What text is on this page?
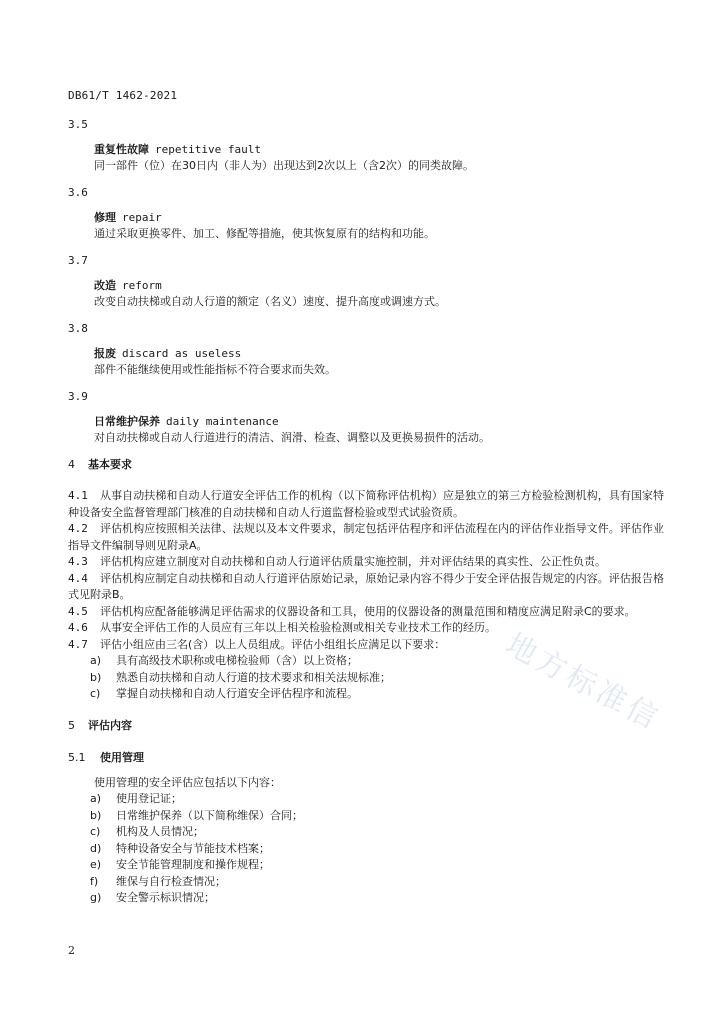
DB61/T 1462-2021
3.5
重复性故障 repetitive fault
同一部件（位）在30日内（非人为）出现达到2次以上（含2次）的同类故障。
3.6
修理 repair
通过采取更换零件、加工、修配等措施，使其恢复原有的结构和功能。
3.7
改造 reform
改变自动扶梯或自动人行道的额定（名义）速度、提升高度或调速方式。
3.8
报废 discard as useless
部件不能继续使用或性能指标不符合要求而失效。
3.9
日常维护保养 daily maintenance
对自动扶梯或自动人行道进行的清洁、润滑、检查、调整以及更换易损件的活动。
4 基本要求
4.1 从事自动扶梯和自动人行道安全评估工作的机构（以下简称评估机构）应是独立的第三方检验检测机构，具有国家特种设备安全监督管理部门核准的自动扶梯和自动人行道监督检验或型式试验资质。
4.2 评估机构应按照相关法律、法规以及本文件要求，制定包括评估程序和评估流程在内的评估作业指导文件。评估作业指导文件编制导则见附录A。
4.3 评估机构应建立制度对自动扶梯和自动人行道评估质量实施控制，并对评估结果的真实性、公正性负责。
4.4 评估机构应制定自动扶梯和自动人行道评估原始记录，原始记录内容不得少于安全评估报告规定的内容。评估报告格式见附录B。
4.5 评估机构应配备能够满足评估需求的仪器设备和工具，使用的仪器设备的测量范围和精度应满足附录C的要求。
4.6 从事安全评估工作的人员应有三年以上相关检验检测或相关专业技术工作的经历。
4.7 评估小组应由三名(含）以上人员组成。评估小组组长应满足以下要求：
a) 具有高级技术职称或电梯检验师（含）以上资格；
b) 熟悉自动扶梯和自动人行道的技术要求和相关法规标准；
c) 掌握自动扶梯和自动人行道安全评估程序和流程。
5 评估内容
5.1 使用管理
使用管理的安全评估应包括以下内容：
a) 使用登记证；
b) 日常维护保养（以下简称维保）合同；
c) 机构及人员情况；
d) 特种设备安全与节能技术档案；
e) 安全节能管理制度和操作规程；
f) 维保与自行检查情况；
g) 安全警示标识情况；
地方标准信
2
